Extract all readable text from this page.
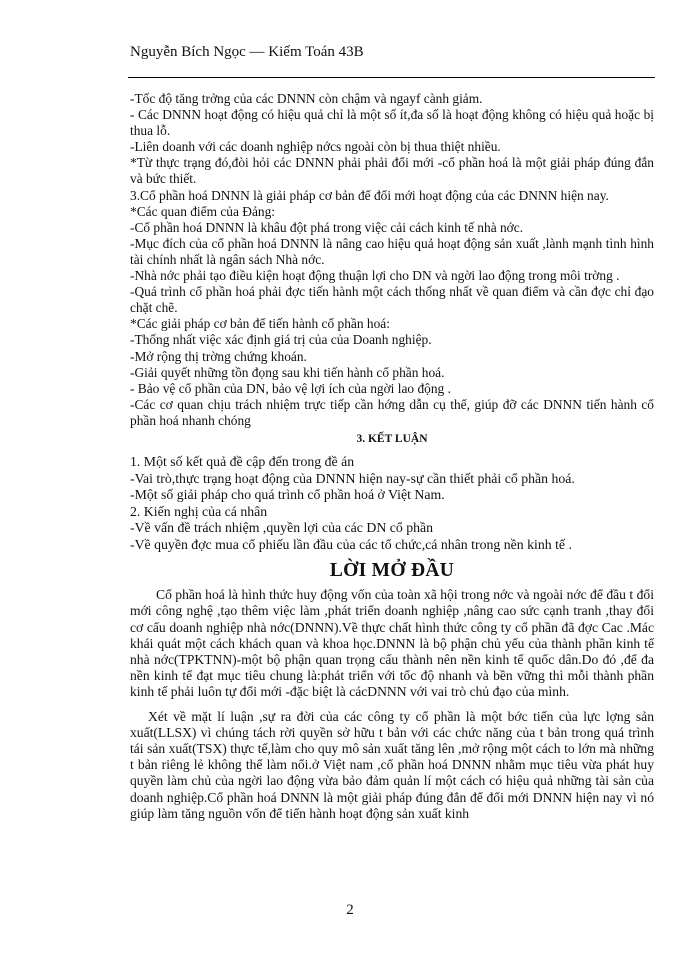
Nguyễn Bích Ngọc — Kiểm Toán 43B

-Tốc độ tăng trởng của các DNNN còn chậm và ngayf cành giảm.

- Các DNNN hoạt động có hiệu quả chỉ là một số ít,đa số là hoạt động không có hiệu quả hoặc bị thua lỗ.

-Liên doanh với các doanh nghiệp nớcs ngoài còn bị thua thiệt nhiều.

*Từ thực trạng đó,đòi hỏi các DNNN phải phải đổi mới -cổ phần hoá là một giải pháp đúng đắn và bức thiết.

3.Cổ phần hoá DNNN là giải pháp cơ bản để đổi mới hoạt động của các DNNN hiện nay.

*Các quan điểm của Đảng:

-Cổ phần hoá DNNN là khâu đột phá trong việc cải cách kinh tế nhà nớc.

-Mục đích của cổ phần hoá DNNN là nâng cao hiệu quả hoạt động sản xuất ,lành mạnh tình hình tài chính nhất là ngân sách Nhà nớc.

-Nhà nớc phải tạo điều kiện hoạt động thuận lợi cho DN và ngời lao động trong môi trờng .

-Quá trình cổ phần hoá phải đợc tiến hành một cách thống nhất về quan điểm và cần đợc chỉ đạo chặt chẽ.

*Các giải pháp cơ bản để tiến hành cổ phần hoá:

-Thống nhất việc xác định giá trị của của Doanh nghiệp.

-Mở rộng thị trờng chứng khoán.

-Giải quyết những tồn đọng sau khi tiến hành cổ phần hoá.

- Bảo vệ cổ phần của DN, bảo vệ lợi ích của ngời lao động .

-Các cơ quan chịu trách nhiệm trực tiếp cần hớng dẫn cụ thể, giúp đỡ các DNNN tiến hành cổ phần hoá nhanh chóng

3. KẾT LUẬN

1. Một số kết quả đề cập đến trong đề án

-Vai trò,thực trạng hoạt động của DNNN hiện nay-sự cần thiết phải cổ phần hoá.

-Một số giải pháp cho quá trình cổ phần hoá ở Việt Nam.

2. Kiến nghị của cá nhân

-Về vấn đề trách nhiệm ,quyền lợi của các DN cổ phần

-Về quyền đợc mua cổ phiếu lần đầu của các tổ chức,cá nhân trong nền kinh tế .

LỜI MỞ ĐẦU

Cổ phần hoá là hình thức huy động vốn của toàn xã hội trong nớc và ngoài nớc để đầu t đổi mới công nghệ ,tạo thêm việc làm ,phát triển doanh nghiệp ,nâng cao sức cạnh tranh ,thay đổi cơ cấu doanh nghiệp nhà nớc(DNNN).Về thực chất hình thức công ty cổ phần đã đợc Cac .Mác khái quát một cách khách quan và khoa học.DNNN là bộ phận chủ yếu của thành phần kinh tế nhà nớc(TPKTNN)-một bộ phận quan trọng cấu thành nên nền kinh tế quốc dân.Do đó ,để đa nền kinh tế đạt mục tiêu chung là:phát triển với tốc độ nhanh và bền vững thì mỗi thành phần kinh tế phải luôn tự đổi mới -đặc biệt là cácDNNN với vai trò chủ đạo của mình.

Xét về mặt lí luận ,sự ra đời của các công ty cổ phần là một bớc tiến của lực lợng sản xuất(LLSX) vì chúng tách rời quyền sở hữu t bản với các chức năng của t bản trong quá trình tái sản xuất(TSX) thực tế,làm cho quy mô sản xuất tăng lên ,mở rộng một cách to lớn mà những t bản riêng lẻ không thể làm nổi.ở Việt nam ,cổ phần hoá DNNN nhằm mục tiêu vừa phát huy quyền làm chủ của ngời lao động vừa bảo đảm quản lí một cách có hiệu quả những tài sản của doanh nghiệp.Cổ phần hoá DNNN là một giải pháp đúng đắn để đổi mới DNNN hiện nay vì nó giúp làm tăng nguồn vốn để tiến hành hoạt động sản xuất kinh

2
